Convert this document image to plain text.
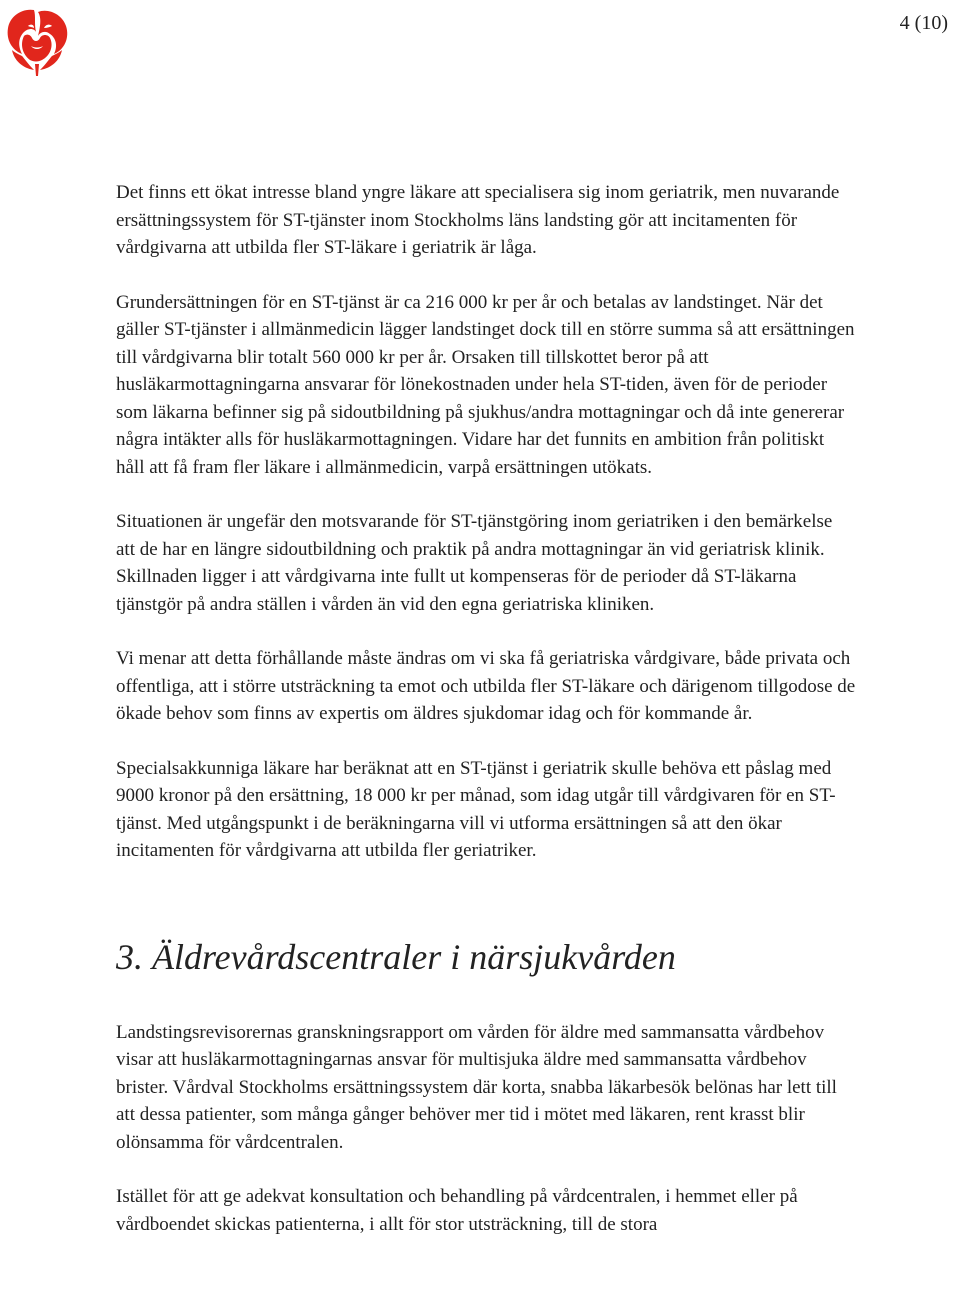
4 (10)

Det finns ett ökat intresse bland yngre läkare att specialisera sig inom geriatrik, men nuvarande ersättningssystem för ST-tjänster inom Stockholms läns landsting gör att incitamenten för vårdgivarna att utbilda fler ST-läkare i geriatrik är låga.

Grundersättningen för en ST-tjänst är ca 216 000 kr per år och betalas av landstinget. När det gäller ST-tjänster i allmänmedicin lägger landstinget dock till en större summa så att ersättningen till vårdgivarna blir totalt 560 000 kr per år. Orsaken till tillskottet beror på att husläkarmottagningarna ansvarar för lönekostnaden under hela ST-tiden, även för de perioder som läkarna befinner sig på sidoutbildning på sjukhus/andra mottagningar och då inte genererar några intäkter alls för husläkarmottagningen. Vidare har det funnits en ambition från politiskt håll att få fram fler läkare i allmänmedicin, varpå ersättningen utökats.

Situationen är ungefär den motsvarande för ST-tjänstgöring inom geriatriken i den bemärkelse att de har en längre sidoutbildning och praktik på andra mottagningar än vid geriatrisk klinik. Skillnaden ligger i att vårdgivarna inte fullt ut kompenseras för de perioder då ST-läkarna tjänstgör på andra ställen i vården än vid den egna geriatriska kliniken.

Vi menar att detta förhållande måste ändras om vi ska få geriatriska vårdgivare, både privata och offentliga, att i större utsträckning ta emot och utbilda fler ST-läkare och därigenom tillgodose de ökade behov som finns av expertis om äldres sjukdomar idag och för kommande år.

Specialsakkunniga läkare har beräknat att en ST-tjänst i geriatrik skulle behöva ett påslag med 9000 kronor på den ersättning, 18 000 kr per månad, som idag utgår till vårdgivaren för en ST-tjänst. Med utgångspunkt i de beräkningarna vill vi utforma ersättningen så att den ökar incitamenten för vårdgivarna att utbilda fler geriatriker.

3. Äldrevårdscentraler i närsjukvården

Landstingsrevisorernas granskningsrapport om vården för äldre med sammansatta vårdbehov visar att husläkarmottagningarnas ansvar för multisjuka äldre med sammansatta vårdbehov brister. Vårdval Stockholms ersättningssystem där korta, snabba läkarbesök belönas har lett till att dessa patienter, som många gånger behöver mer tid i mötet med läkaren, rent krasst blir olönsamma för vårdcentralen.

Istället för att ge adekvat konsultation och behandling på vårdcentralen, i hemmet eller på vårdboendet skickas patienterna, i allt för stor utsträckning, till de stora
